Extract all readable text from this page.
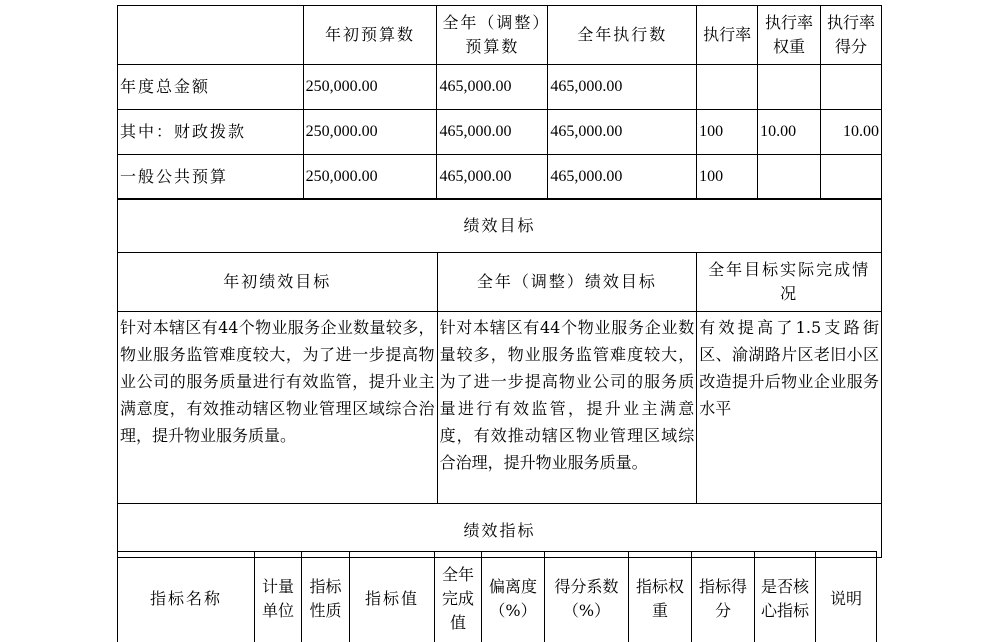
	年初预算数	全年（调整）预算数	全年执行数	执行率	执行率权重	执行率得分
年度总金额	250,000.00	465,000.00	465,000.00			
其中：财政拨款	250,000.00	465,000.00	465,000.00	100	10.00	10.00
一般公共预算	250,000.00	465,000.00	465,000.00	100		
绩效目标		
年初绩效目标	全年（调整）绩效目标	全年目标实际完成情况
针对本辖区有44个物业服务企业数量较多，物业服务监管难度较大，为了进一步提高物业公司的服务质量进行有效监管，提升业主满意度，有效推动辖区物业管理区域综合治理，提升物业服务质量。	针对本辖区有44个物业服务企业数量较多，物业服务监管难度较大，为了进一步提高物业公司的服务质量进行有效监管，提升业主满意度，有效推动辖区物业管理区域综合治理，提升物业服务质量。	有效提高了1.5支路街区、渝湖路片区老旧小区改造提升后物业企业服务水平
绩效指标		
指标名称	计量单位	指标性质	指标值	全年完成值	偏离度（%）	得分系数（%）	指标权重	指标得分	是否核心指标	说明
